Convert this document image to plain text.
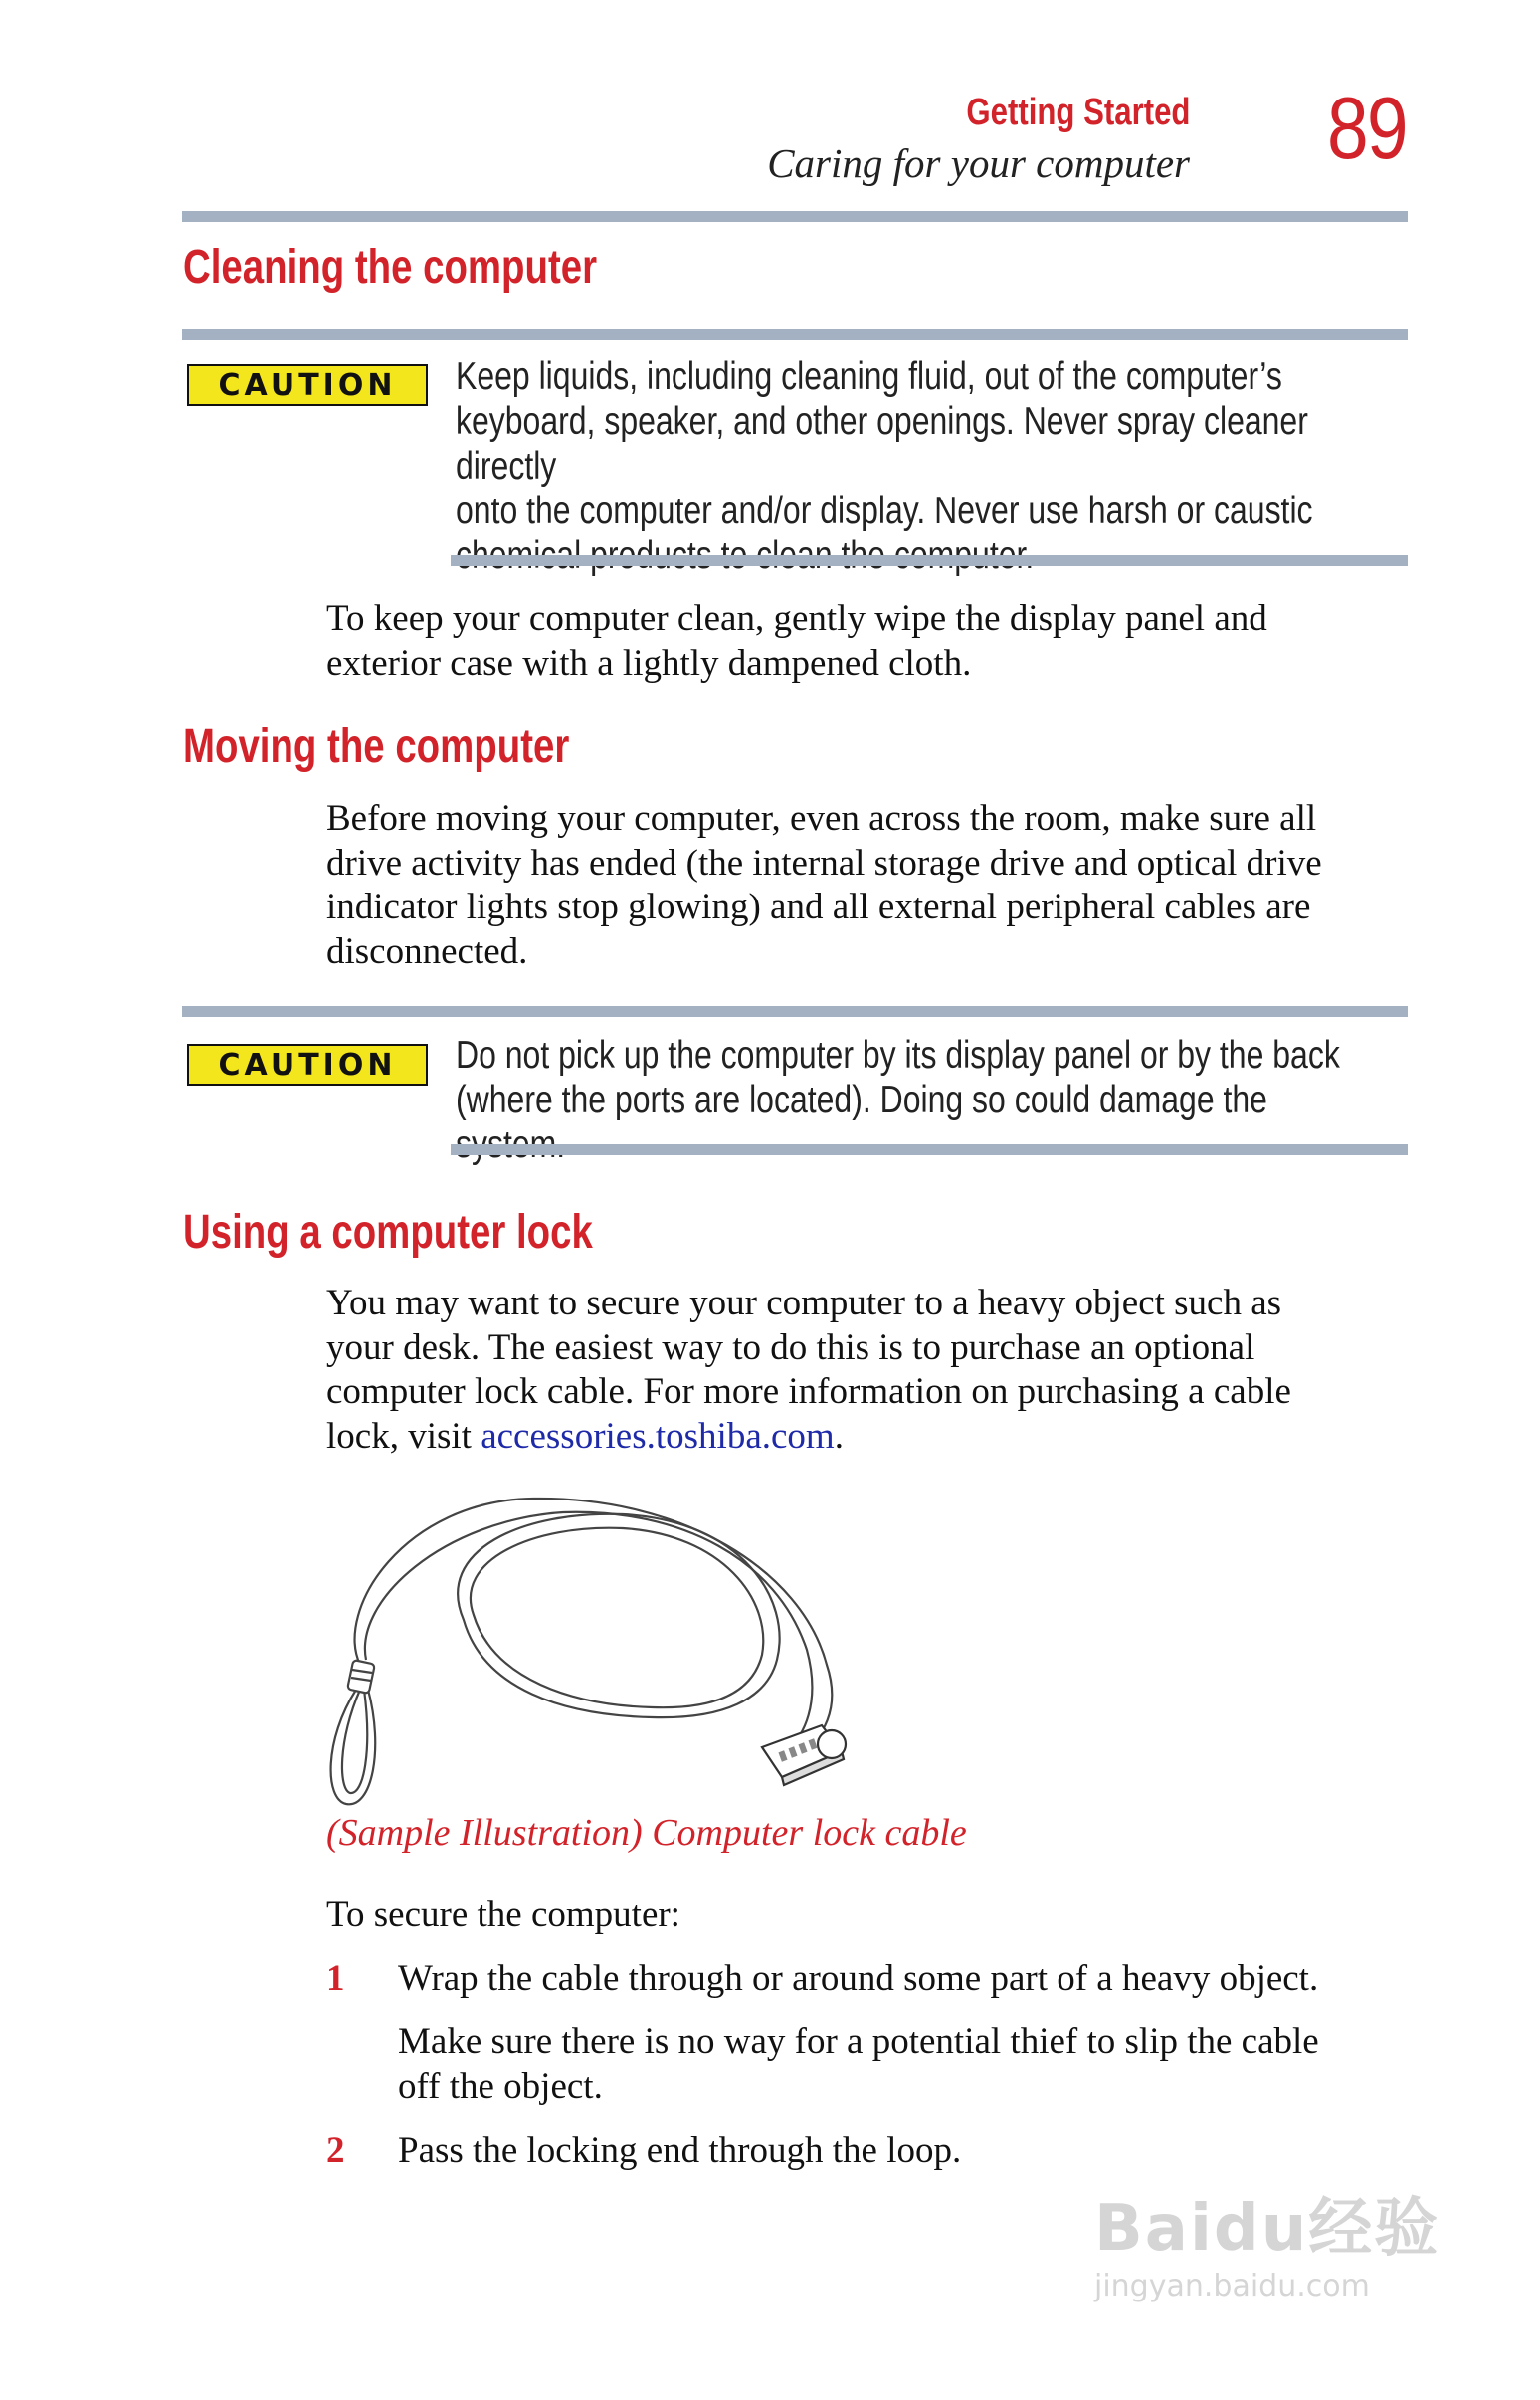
Getting Started
Caring for your computer 89
Cleaning the computer
CAUTION Keep liquids, including cleaning fluid, out of the computer’s
keyboard, speaker, and other openings. Never spray cleaner directly
onto the computer and/or display. Never use harsh or caustic
To keep your computer clean, gently wipe the display panel and
exterior case with a lightly dampened cloth.
Moving the computer
Before moving your computer, even across the room, make sure all
drive activity has ended (the internal storage drive and optical drive
indicator lights stop glowing) and all external peripheral cables are
disconnected.
CAUTION Do not pick up the computer by its display panel or by the back
(where the ports are located). Doing so could damage the
Using a computer lock
You may want to secure your computer to a heavy object such as
your desk. The easiest way to do this is to purchase an optional
computer lock cable. For more information on purchasing a cable
lock, visit accessories.toshiba.com.
(Sample Illustration) Computer lock cable
To secure the computer:
1 Wrap the cable through or around some part of a heavy object.
Make sure there is no way for a potential thief to slip the cable
off the object.
2 Pass the locking end through the loop.
Baidu经验
jingyan.baidu.com
